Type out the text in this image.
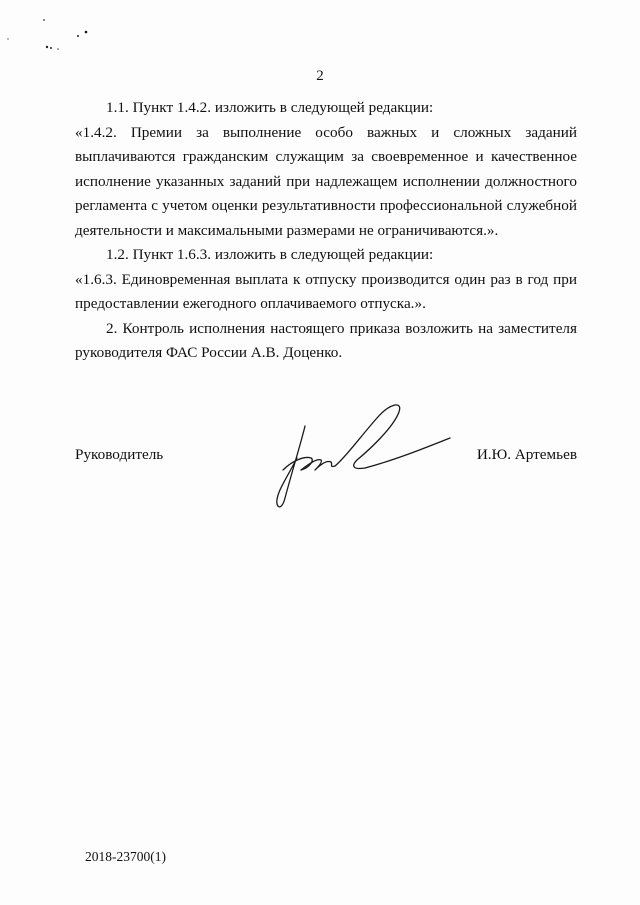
2

1.1. Пункт 1.4.2. изложить в следующей редакции:

«1.4.2. Премии за выполнение особо важных и сложных заданий выплачиваются гражданским служащим за своевременное и качественное исполнение указанных заданий при надлежащем исполнении должностного регламента с учетом оценки результативности профессиональной служебной деятельности и максимальными размерами не ограничиваются.».

1.2. Пункт 1.6.3. изложить в следующей редакции:

«1.6.3. Единовременная выплата к отпуску производится один раз в год при предоставлении ежегодного оплачиваемого отпуска.».

2. Контроль исполнения настоящего приказа возложить на заместителя руководителя ФАС России А.В. Доценко.

Руководитель	И.Ю. Артемьев
2018-23700(1)
